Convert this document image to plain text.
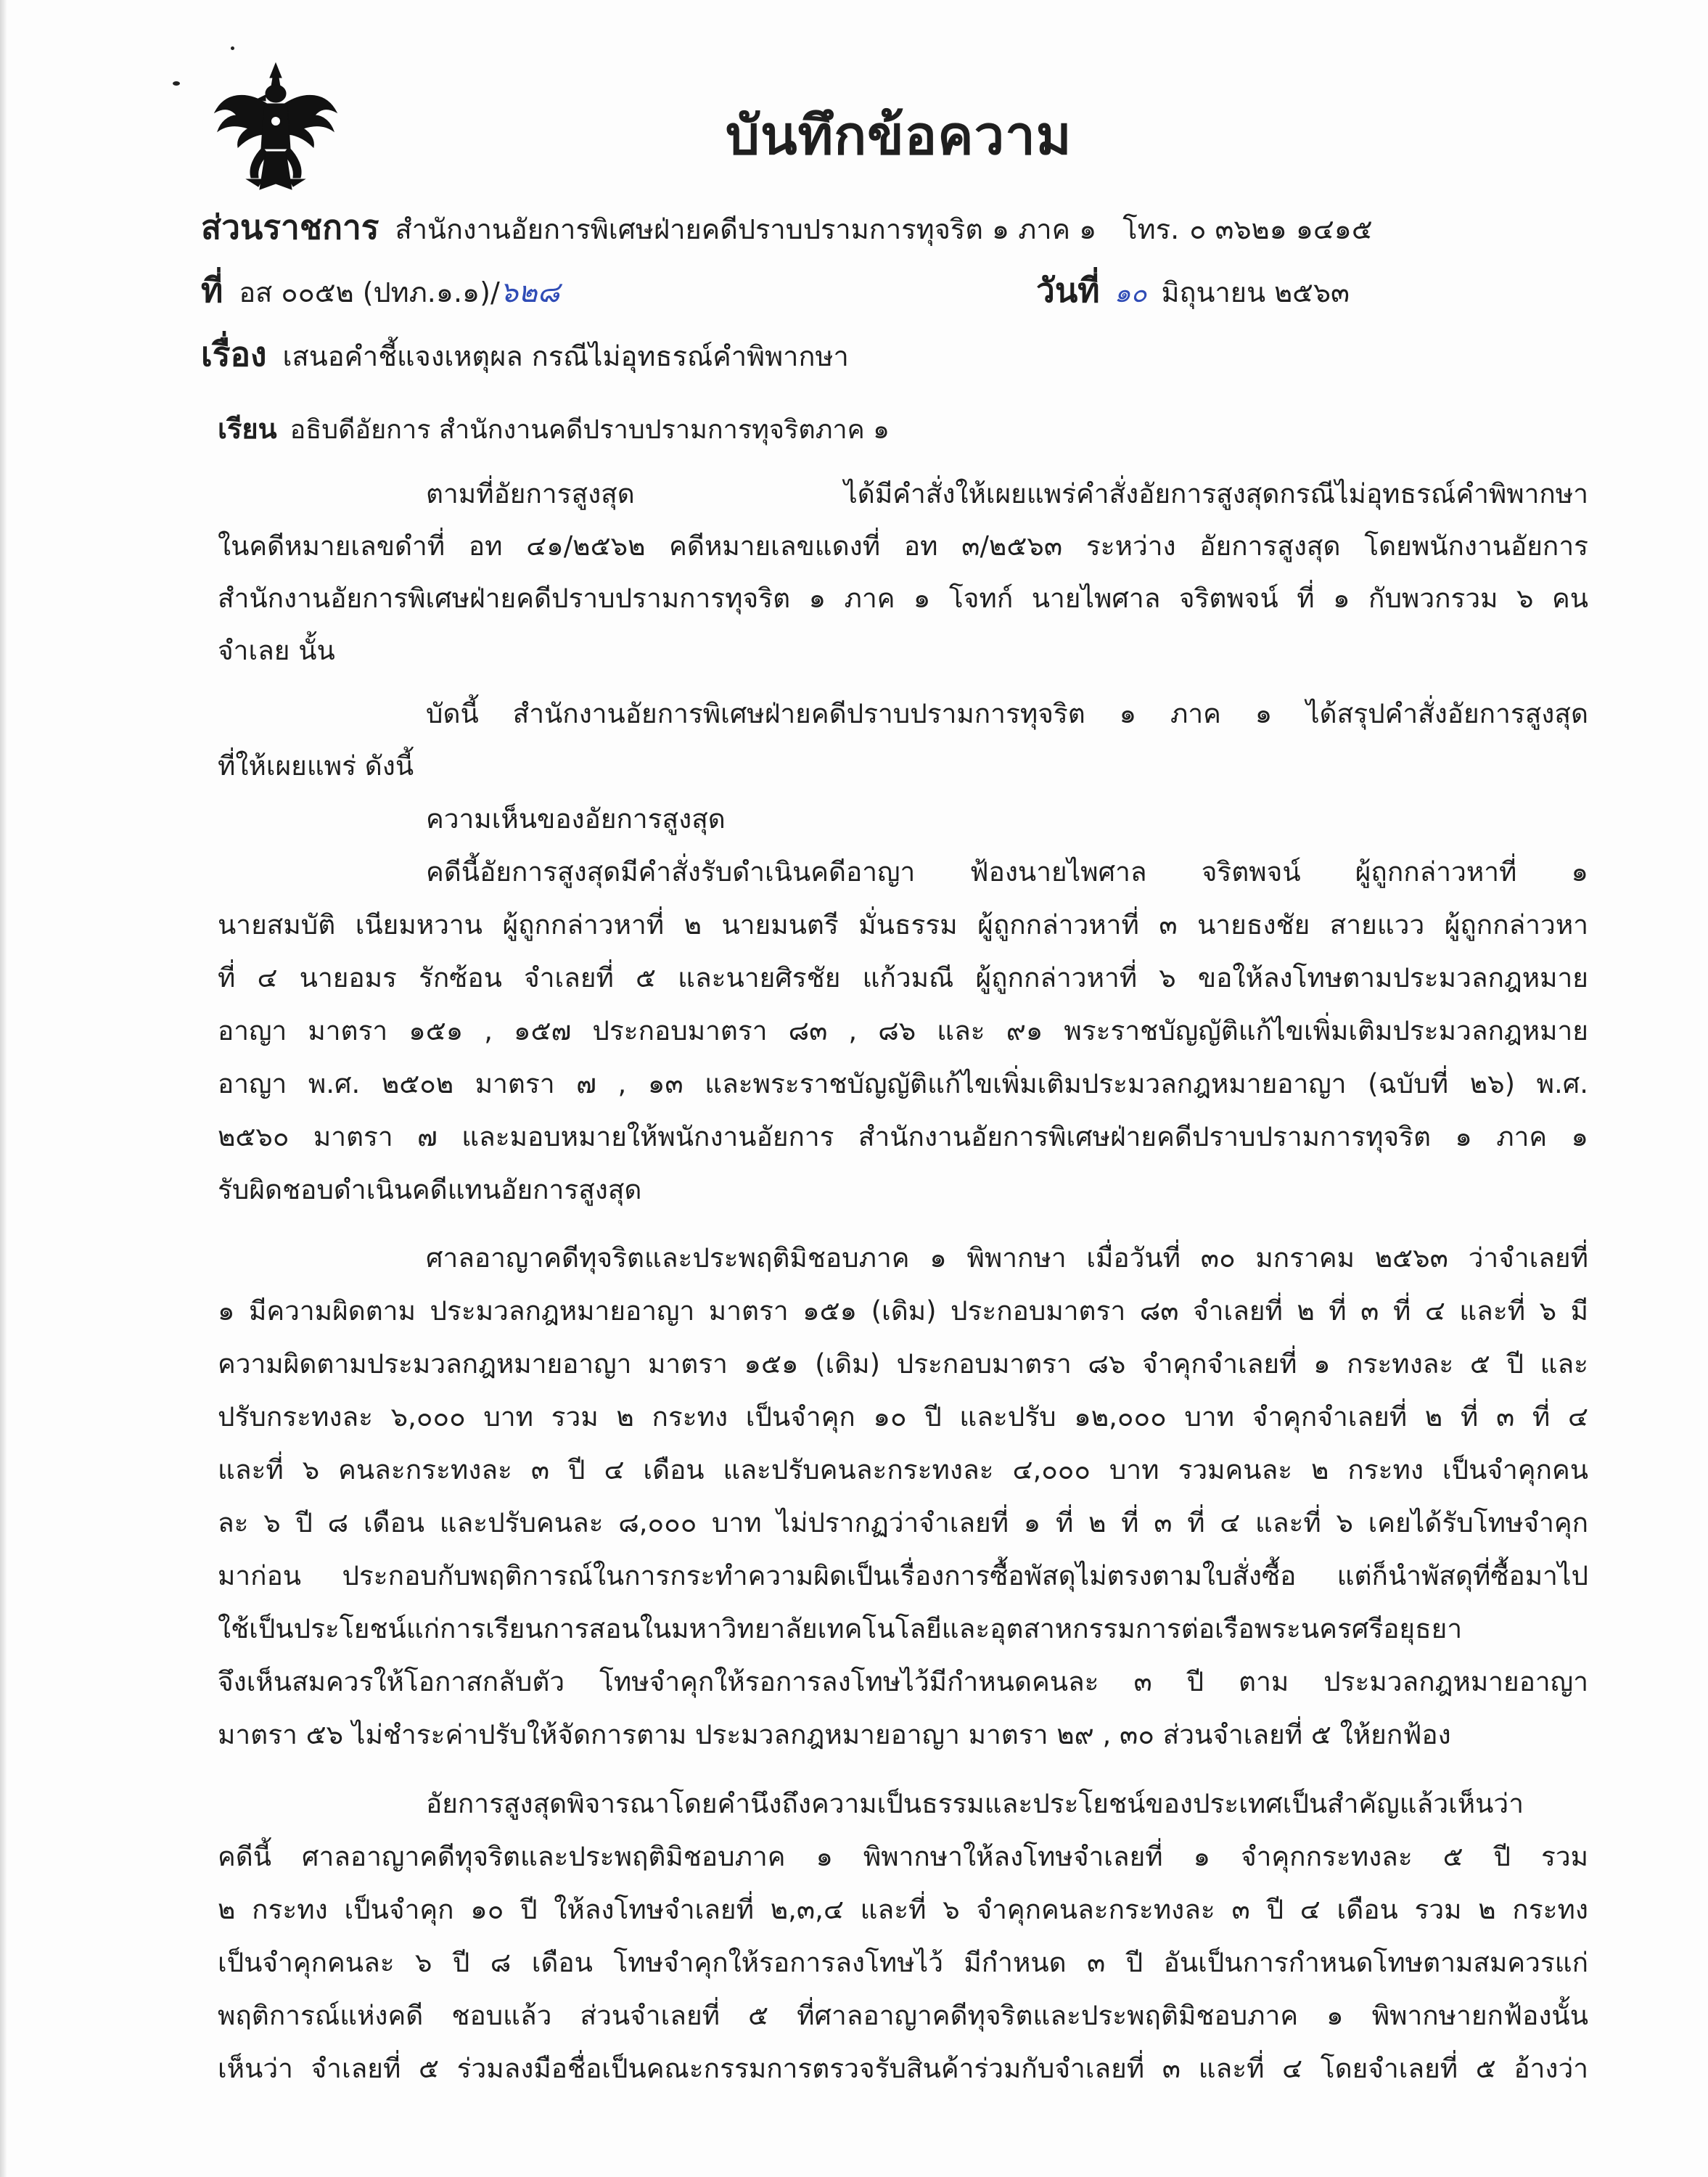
บันทึกข้อความ
ส่วนราชการ สำนักงานอัยการพิเศษฝ่ายคดีปราบปรามการทุจริต ๑ ภาค ๑ โทร. ๐ ๓๖๒๑ ๑๔๑๕
ที่ อส ๐๐๕๒ (ปทภ.๑.๑)/๖๒๘	วันที่ ๑๐ มิถุนายน ๒๕๖๓
เรื่อง เสนอคำชี้แจงเหตุผล กรณีไม่อุทธรณ์คำพิพากษา
เรียน อธิบดีอัยการ สำนักงานคดีปราบปรามการทุจริตภาค ๑
ตามที่อัยการสูงสุด ได้มีคำสั่งให้เผยแพร่คำสั่งอัยการสูงสุดกรณีไม่อุทธรณ์คำพิพากษา
ในคดีหมายเลขดำที่ อท ๔๑/๒๕๖๒ คดีหมายเลขแดงที่ อท ๓/๒๕๖๓ ระหว่าง อัยการสูงสุด โดยพนักงานอัยการ
สำนักงานอัยการพิเศษฝ่ายคดีปราบปรามการทุจริต ๑ ภาค ๑ โจทก์ นายไพศาล จริตพจน์ ที่ ๑ กับพวกรวม ๖ คน
จำเลย นั้น
บัดนี้ สำนักงานอัยการพิเศษฝ่ายคดีปราบปรามการทุจริต ๑ ภาค ๑ ได้สรุปคำสั่งอัยการสูงสุด
ที่ให้เผยแพร่ ดังนี้
ความเห็นของอัยการสูงสุด
คดีนี้อัยการสูงสุดมีคำสั่งรับดำเนินคดีอาญา ฟ้องนายไพศาล จริตพจน์ ผู้ถูกกล่าวหาที่ ๑
นายสมบัติ เนียมหวาน ผู้ถูกกล่าวหาที่ ๒ นายมนตรี มั่นธรรม ผู้ถูกกล่าวหาที่ ๓ นายธงชัย สายแวว ผู้ถูกกล่าวหา
ที่ ๔ นายอมร รักซ้อน จำเลยที่ ๕ และนายศิรชัย แก้วมณี ผู้ถูกกล่าวหาที่ ๖ ขอให้ลงโทษตามประมวลกฎหมาย
อาญา มาตรา ๑๕๑ , ๑๕๗ ประกอบมาตรา ๘๓ , ๘๖ และ ๙๑ พระราชบัญญัติแก้ไขเพิ่มเติมประมวลกฎหมาย
อาญา พ.ศ. ๒๕๐๒ มาตรา ๗ , ๑๓ และพระราชบัญญัติแก้ไขเพิ่มเติมประมวลกฎหมายอาญา (ฉบับที่ ๒๖) พ.ศ.
๒๕๖๐ มาตรา ๗ และมอบหมายให้พนักงานอัยการ สำนักงานอัยการพิเศษฝ่ายคดีปราบปรามการทุจริต ๑ ภาค ๑
รับผิดชอบดำเนินคดีแทนอัยการสูงสุด
ศาลอาญาคดีทุจริตและประพฤติมิชอบภาค ๑ พิพากษา เมื่อวันที่ ๓๐ มกราคม ๒๕๖๓ ว่าจำเลยที่
๑ มีความผิดตาม ประมวลกฎหมายอาญา มาตรา ๑๕๑ (เดิม) ประกอบมาตรา ๘๓ จำเลยที่ ๒ ที่ ๓ ที่ ๔ และที่ ๖ มี
ความผิดตามประมวลกฎหมายอาญา มาตรา ๑๕๑ (เดิม) ประกอบมาตรา ๘๖ จำคุกจำเลยที่ ๑ กระทงละ ๕ ปี และ
ปรับกระทงละ ๖,๐๐๐ บาท รวม ๒ กระทง เป็นจำคุก ๑๐ ปี และปรับ ๑๒,๐๐๐ บาท จำคุกจำเลยที่ ๒ ที่ ๓ ที่ ๔
และที่ ๖ คนละกระทงละ ๓ ปี ๔ เดือน และปรับคนละกระทงละ ๔,๐๐๐ บาท รวมคนละ ๒ กระทง เป็นจำคุกคน
ละ ๖ ปี ๘ เดือน และปรับคนละ ๘,๐๐๐ บาท ไม่ปรากฏว่าจำเลยที่ ๑ ที่ ๒ ที่ ๓ ที่ ๔ และที่ ๖ เคยได้รับโทษจำคุก
มาก่อน ประกอบกับพฤติการณ์ในการกระทำความผิดเป็นเรื่องการซื้อพัสดุไม่ตรงตามใบสั่งซื้อ แต่ก็นำพัสดุที่ซื้อมาไป
ใช้เป็นประโยชน์แก่การเรียนการสอนในมหาวิทยาลัยเทคโนโลยีและอุตสาหกรรมการต่อเรือพระนครศรีอยุธยา
จึงเห็นสมควรให้โอกาสกลับตัว โทษจำคุกให้รอการลงโทษไว้มีกำหนดคนละ ๓ ปี ตาม ประมวลกฎหมายอาญา
มาตรา ๕๖ ไม่ชำระค่าปรับให้จัดการตาม ประมวลกฎหมายอาญา มาตรา ๒๙ , ๓๐ ส่วนจำเลยที่ ๕ ให้ยกฟ้อง
อัยการสูงสุดพิจารณาโดยคำนึงถึงความเป็นธรรมและประโยชน์ของประเทศเป็นสำคัญแล้วเห็นว่า
คดีนี้ ศาลอาญาคดีทุจริตและประพฤติมิชอบภาค ๑ พิพากษาให้ลงโทษจำเลยที่ ๑ จำคุกกระทงละ ๕ ปี รวม
๒ กระทง เป็นจำคุก ๑๐ ปี ให้ลงโทษจำเลยที่ ๒,๓,๔ และที่ ๖ จำคุกคนละกระทงละ ๓ ปี ๔ เดือน รวม ๒ กระทง
เป็นจำคุกคนละ ๖ ปี ๘ เดือน โทษจำคุกให้รอการลงโทษไว้ มีกำหนด ๓ ปี อันเป็นการกำหนดโทษตามสมควรแก่
พฤติการณ์แห่งคดี ชอบแล้ว ส่วนจำเลยที่ ๕ ที่ศาลอาญาคดีทุจริตและประพฤติมิชอบภาค ๑ พิพากษายกฟ้องนั้น
เห็นว่า จำเลยที่ ๕ ร่วมลงมือชื่อเป็นคณะกรรมการตรวจรับสินค้าร่วมกับจำเลยที่ ๓ และที่ ๔ โดยจำเลยที่ ๕ อ้างว่า
